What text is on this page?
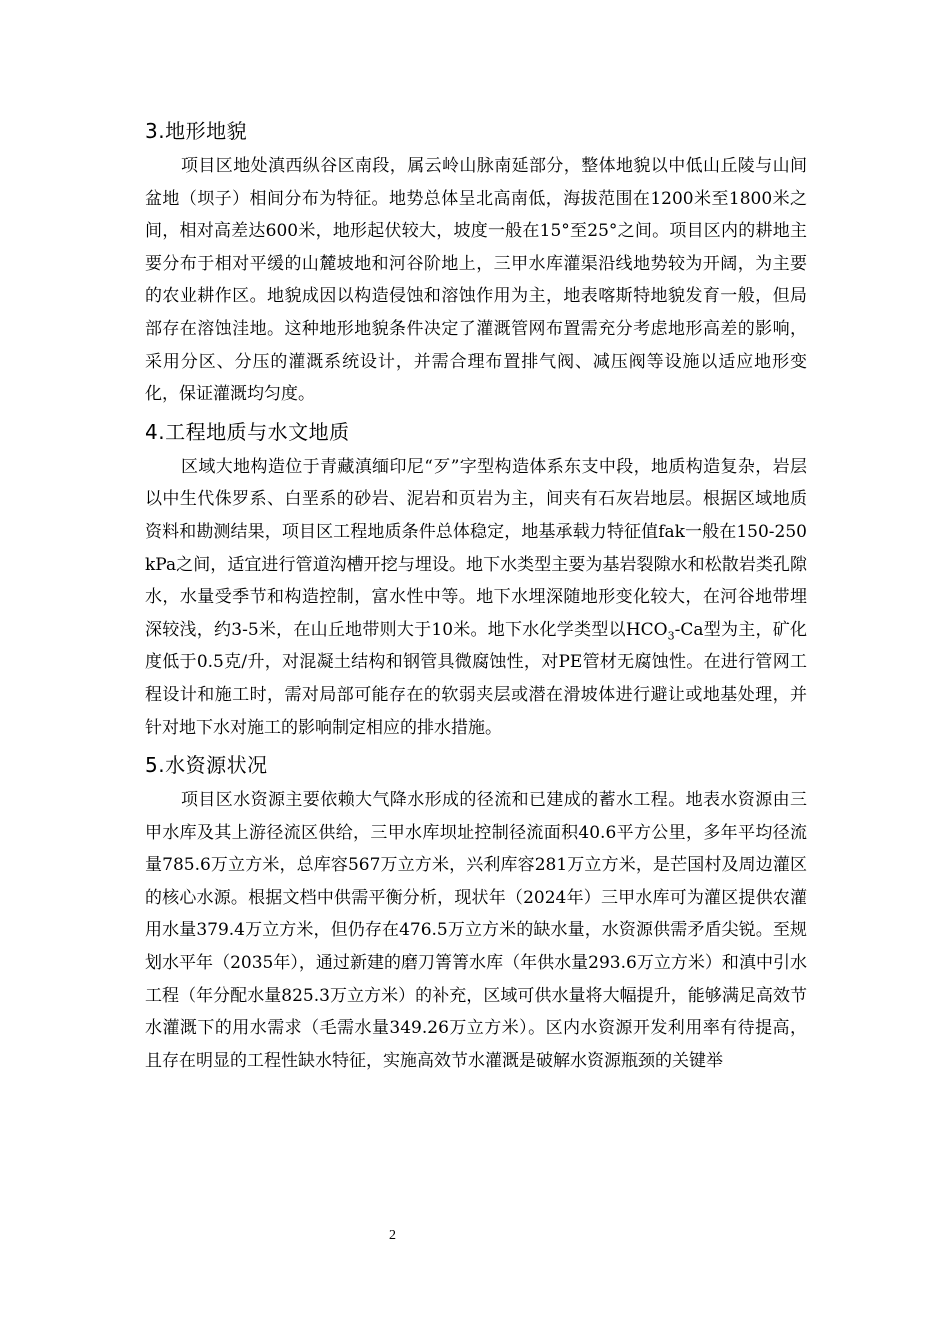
3.地形地貌

项目区地处滇西纵谷区南段，属云岭山脉南延部分，整体地貌以中低山丘陵与山间盆地（坝子）相间分布为特征。地势总体呈北高南低，海拔范围在1200米至1800米之间，相对高差达600米，地形起伏较大，坡度一般在15°至25°之间。项目区内的耕地主要分布于相对平缓的山麓坡地和河谷阶地上，三甲水库灌渠沿线地势较为开阔，为主要的农业耕作区。地貌成因以构造侵蚀和溶蚀作用为主，地表喀斯特地貌发育一般，但局部存在溶蚀洼地。这种地形地貌条件决定了灌溉管网布置需充分考虑地形高差的影响，采用分区、分压的灌溉系统设计，并需合理布置排气阀、减压阀等设施以适应地形变化，保证灌溉均匀度。

4.工程地质与水文地质

区域大地构造位于青藏滇缅印尼“歹”字型构造体系东支中段，地质构造复杂，岩层以中生代侏罗系、白垩系的砂岩、泥岩和页岩为主，间夹有石灰岩地层。根据区域地质资料和勘测结果，项目区工程地质条件总体稳定，地基承载力特征值fak一般在150-250kPa之间，适宜进行管道沟槽开挖与埋设。地下水类型主要为基岩裂隙水和松散岩类孔隙水，水量受季节和构造控制，富水性中等。地下水埋深随地形变化较大，在河谷地带埋深较浅，约3-5米，在山丘地带则大于10米。地下水化学类型以$HCO_3-Ca$型为主，矿化度低于0.5克/升，对混凝土结构和钢管具微腐蚀性，对PE管材无腐蚀性。在进行管网工程设计和施工时，需对局部可能存在的软弱夹层或潜在滑坡体进行避让或地基处理，并针对地下水对施工的影响制定相应的排水措施。

5.水资源状况

项目区水资源主要依赖大气降水形成的径流和已建成的蓄水工程。地表水资源由三甲水库及其上游径流区供给，三甲水库坝址控制径流面积40.6平方公里，多年平均径流量785.6万立方米，总库容567万立方米，兴利库容281万立方米，是芒国村及周边灌区的核心水源。根据文档中供需平衡分析，现状年（2024年）三甲水库可为灌区提供农灌用水量379.4万立方米，但仍存在476.5万立方米的缺水量，水资源供需矛盾尖锐。至规划水平年（2035年），通过新建的磨刀箐箐水库（年供水量293.6万立方米）和滇中引水工程（年分配水量825.3万立方米）的补充，区域可供水量将大幅提升，能够满足高效节水灌溉下的用水需求（毛需水量349.26万立方米）。区内水资源开发利用率有待提高，且存在明显的工程性缺水特征，实施高效节水灌溉是破解水资源瓶颈的关键举

2
